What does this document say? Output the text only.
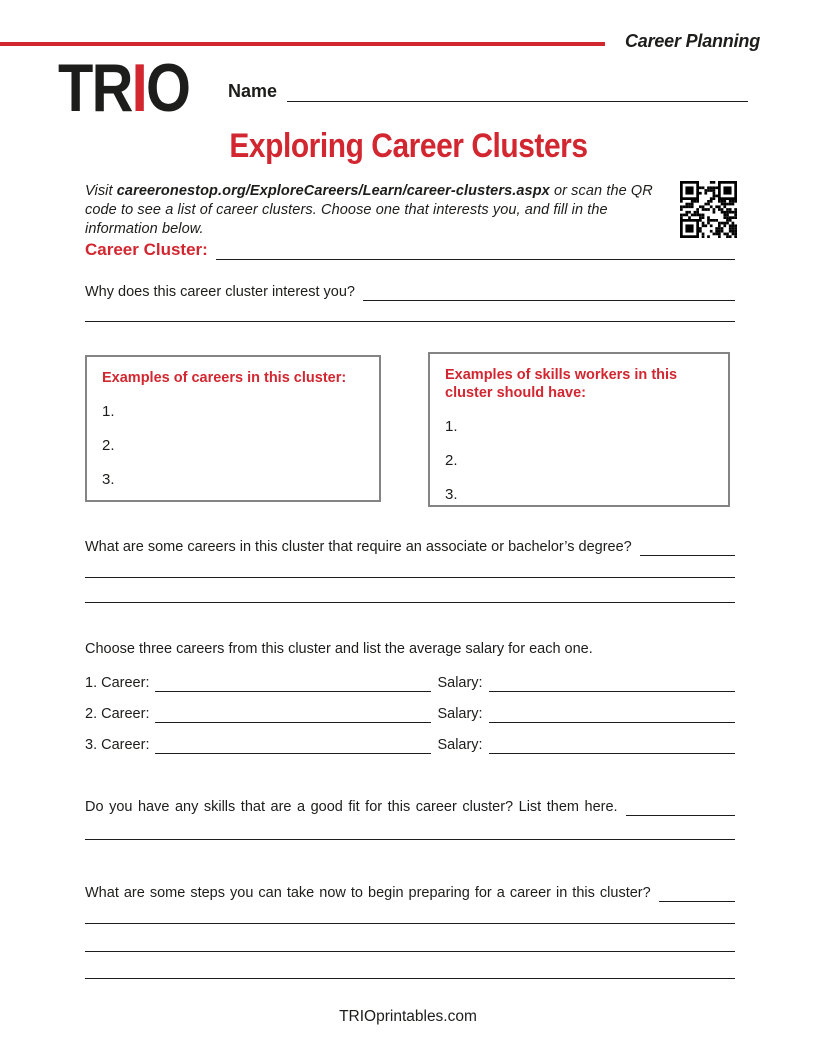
Career Planning
TRIO Name
Exploring Career Clusters

Visit careeronestop.org/ExploreCareers/Learn/career-clusters.aspx or scan the QR code to see a list of career clusters. Choose one that interests you, and fill in the information below.

Career Cluster:
Why does this career cluster interest you?
Examples of careers in this cluster:
1.
2.
3.
Examples of skills workers in this cluster should have:
1.
2.
3.
What are some careers in this cluster that require an associate or bachelor’s degree?

Choose three careers from this cluster and list the average salary for each one.

1. Career:	Salary:
2. Career:	Salary:
3. Career:	Salary:
Do you have any skills that are a good fit for this career cluster? List them here.
What are some steps you can take now to begin preparing for a career in this cluster?
TRIOprintables.com
